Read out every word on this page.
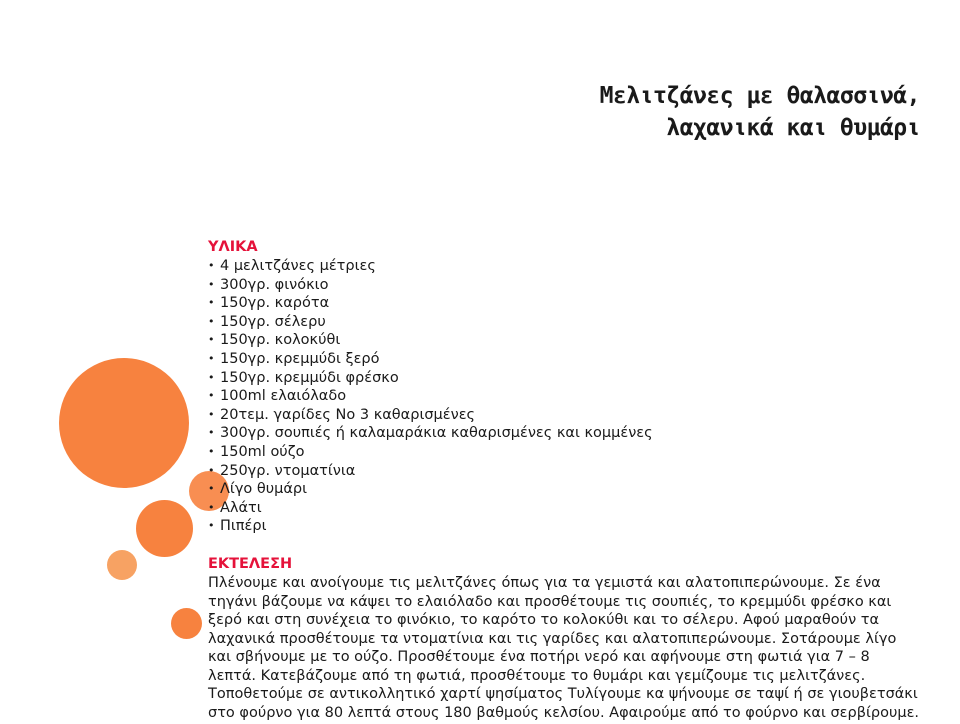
Μελιτζάνες με θαλασσινά,
λαχανικά και θυμάρι
ΥΛΙΚΑ
• 4 μελιτζάνες μέτριες
• 300γρ. φινόκιο
• 150γρ. καρότα
• 150γρ. σέλερυ
• 150γρ. κολοκύθι
• 150γρ. κρεμμύδι ξερό
• 150γρ. κρεμμύδι φρέσκο
• 100ml ελαιόλαδο
• 20τεμ. γαρίδες Νο 3 καθαρισμένες
• 300γρ. σουπιές ή καλαμαράκια καθαρισμένες και κομμένες
• 150ml ούζο
• 250γρ. ντοματίνια
• Λίγο θυμάρι
• Αλάτι
• Πιπέρι
ΕΚΤΕΛΕΣΗ

Πλένουμε και ανοίγουμε τις μελιτζάνες όπως για τα γεμιστά και αλατοπιπερώνουμε. Σε ένα τηγάνι βάζουμε να κάψει το ελαιόλαδο και προσθέτουμε τις σουπιές, το κρεμμύδι φρέσκο και ξερό και στη συνέχεια το φινόκιο, το καρότο το κολοκύθι και το σέλερυ. Αφού μαραθούν τα λαχανικά προσθέτουμε τα ντοματίνια και τις γαρίδες και αλατοπιπερώνουμε. Σοτάρουμε λίγο και σβήνουμε με το ούζο. Προσθέτουμε ένα ποτήρι νερό και αφήνουμε στη φωτιά για 7 – 8 λεπτά. Κατεβάζουμε από τη φωτιά, προσθέτουμε το θυμάρι και γεμίζουμε τις μελιτζάνες. Τοποθετούμε σε αντικολλητικό χαρτί ψησίματος Τυλίγουμε κα ψήνουμε σε ταψί ή σε γιουβετσάκι στο φούρνο για 80 λεπτά στους 180 βαθμούς κελσίου. Αφαιρούμε από το φούρνο και σερβίρουμε.
